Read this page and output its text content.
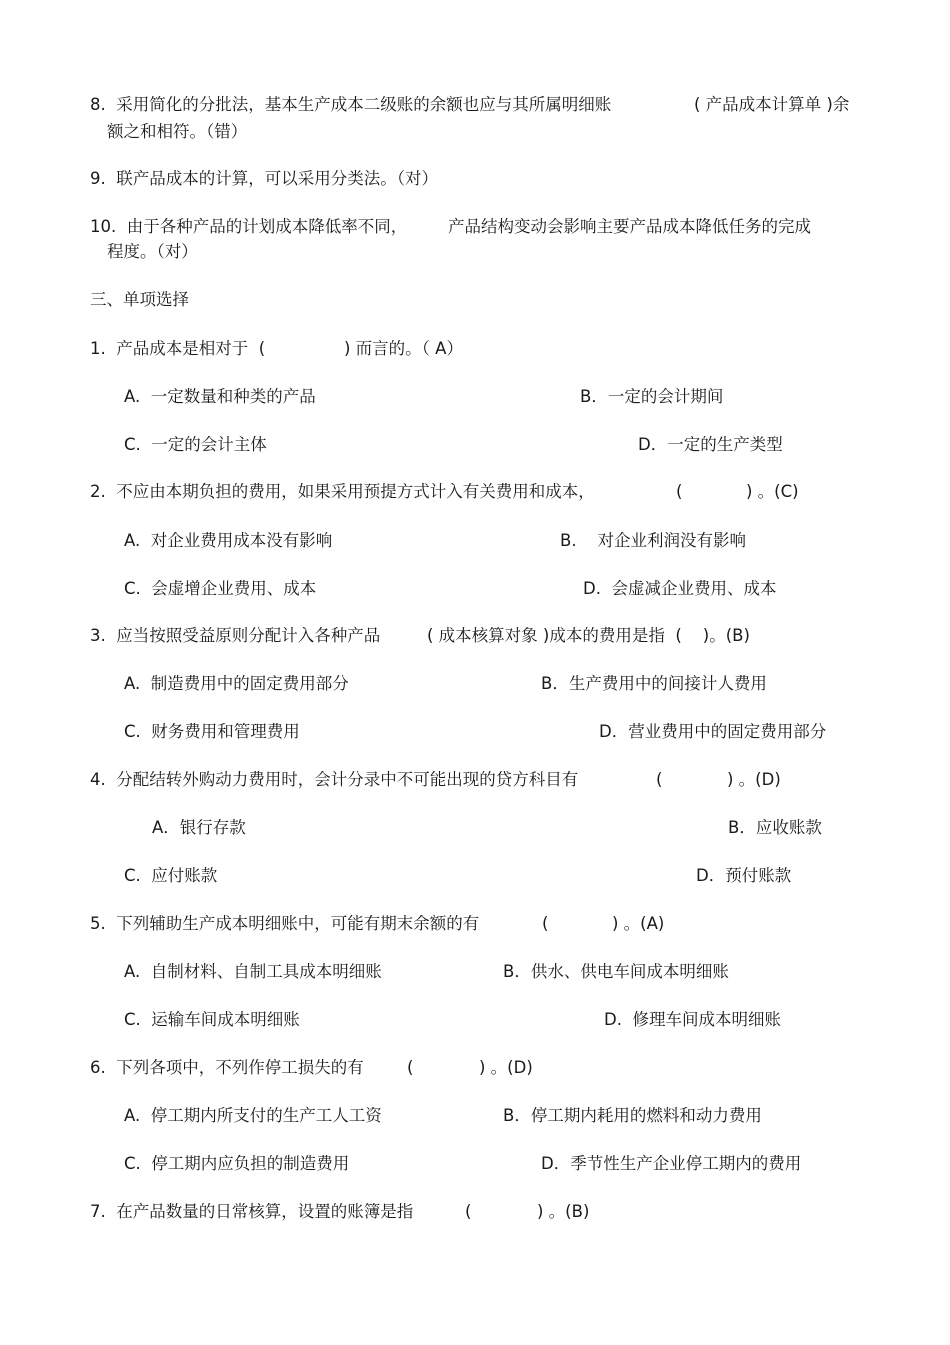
8.  采用简化的分批法，基本生产成本二级账的余额也应与其所属明细账	( 产品成本计算单 )余
额之和相符。（错）
9.  联产品成本的计算，可以采用分类法。（对）
10.  由于各种产品的计划成本降低率不同， 产品结构变动会影响主要产品成本降低任务的完成
程度。（对）
三、单项选择
1.  产品成本是相对于  (	) 而言的。（ A）
A.  一定数量和种类的产品	B．一定的会计期间
C.  一定的会计主体	D．一定的生产类型
2.  不应由本期负担的费用，如果采用预提方式计入有关费用和成本，	(	) 。(C)
A.  对企业费用成本没有影响	B.    对企业利润没有影响
C.  会虚增企业费用、成本	D.  会虚减企业费用、成本
3.  应当按照受益原则分配计入各种产品	( 成本核算对象 )成本的费用是指  (    )。(B)
A.  制造费用中的固定费用部分	B．生产费用中的间接计人费用
C.  财务费用和管理费用	D．营业费用中的固定费用部分
4.  分配结转外购动力费用时，会计分录中不可能出现的贷方科目有	(	) 。(D)
A．银行存款	B．应收账款
C.  应付账款	D．预付账款
5.  下列辅助生产成本明细账中，可能有期末余额的有	(	) 。(A)
A.  自制材料、自制工具成本明细账	B．供水、供电车间成本明细账
C.  运输车间成本明细账	D.  修理车间成本明细账
6.  下列各项中，不列作停工损失的有	(	) 。(D)
A.  停工期内所支付的生产工人工资	B．停工期内耗用的燃料和动力费用
C.  停工期内应负担的制造费用	D．季节性生产企业停工期内的费用
7.  在产品数量的日常核算，设置的账簿是指	(	) 。(B)
